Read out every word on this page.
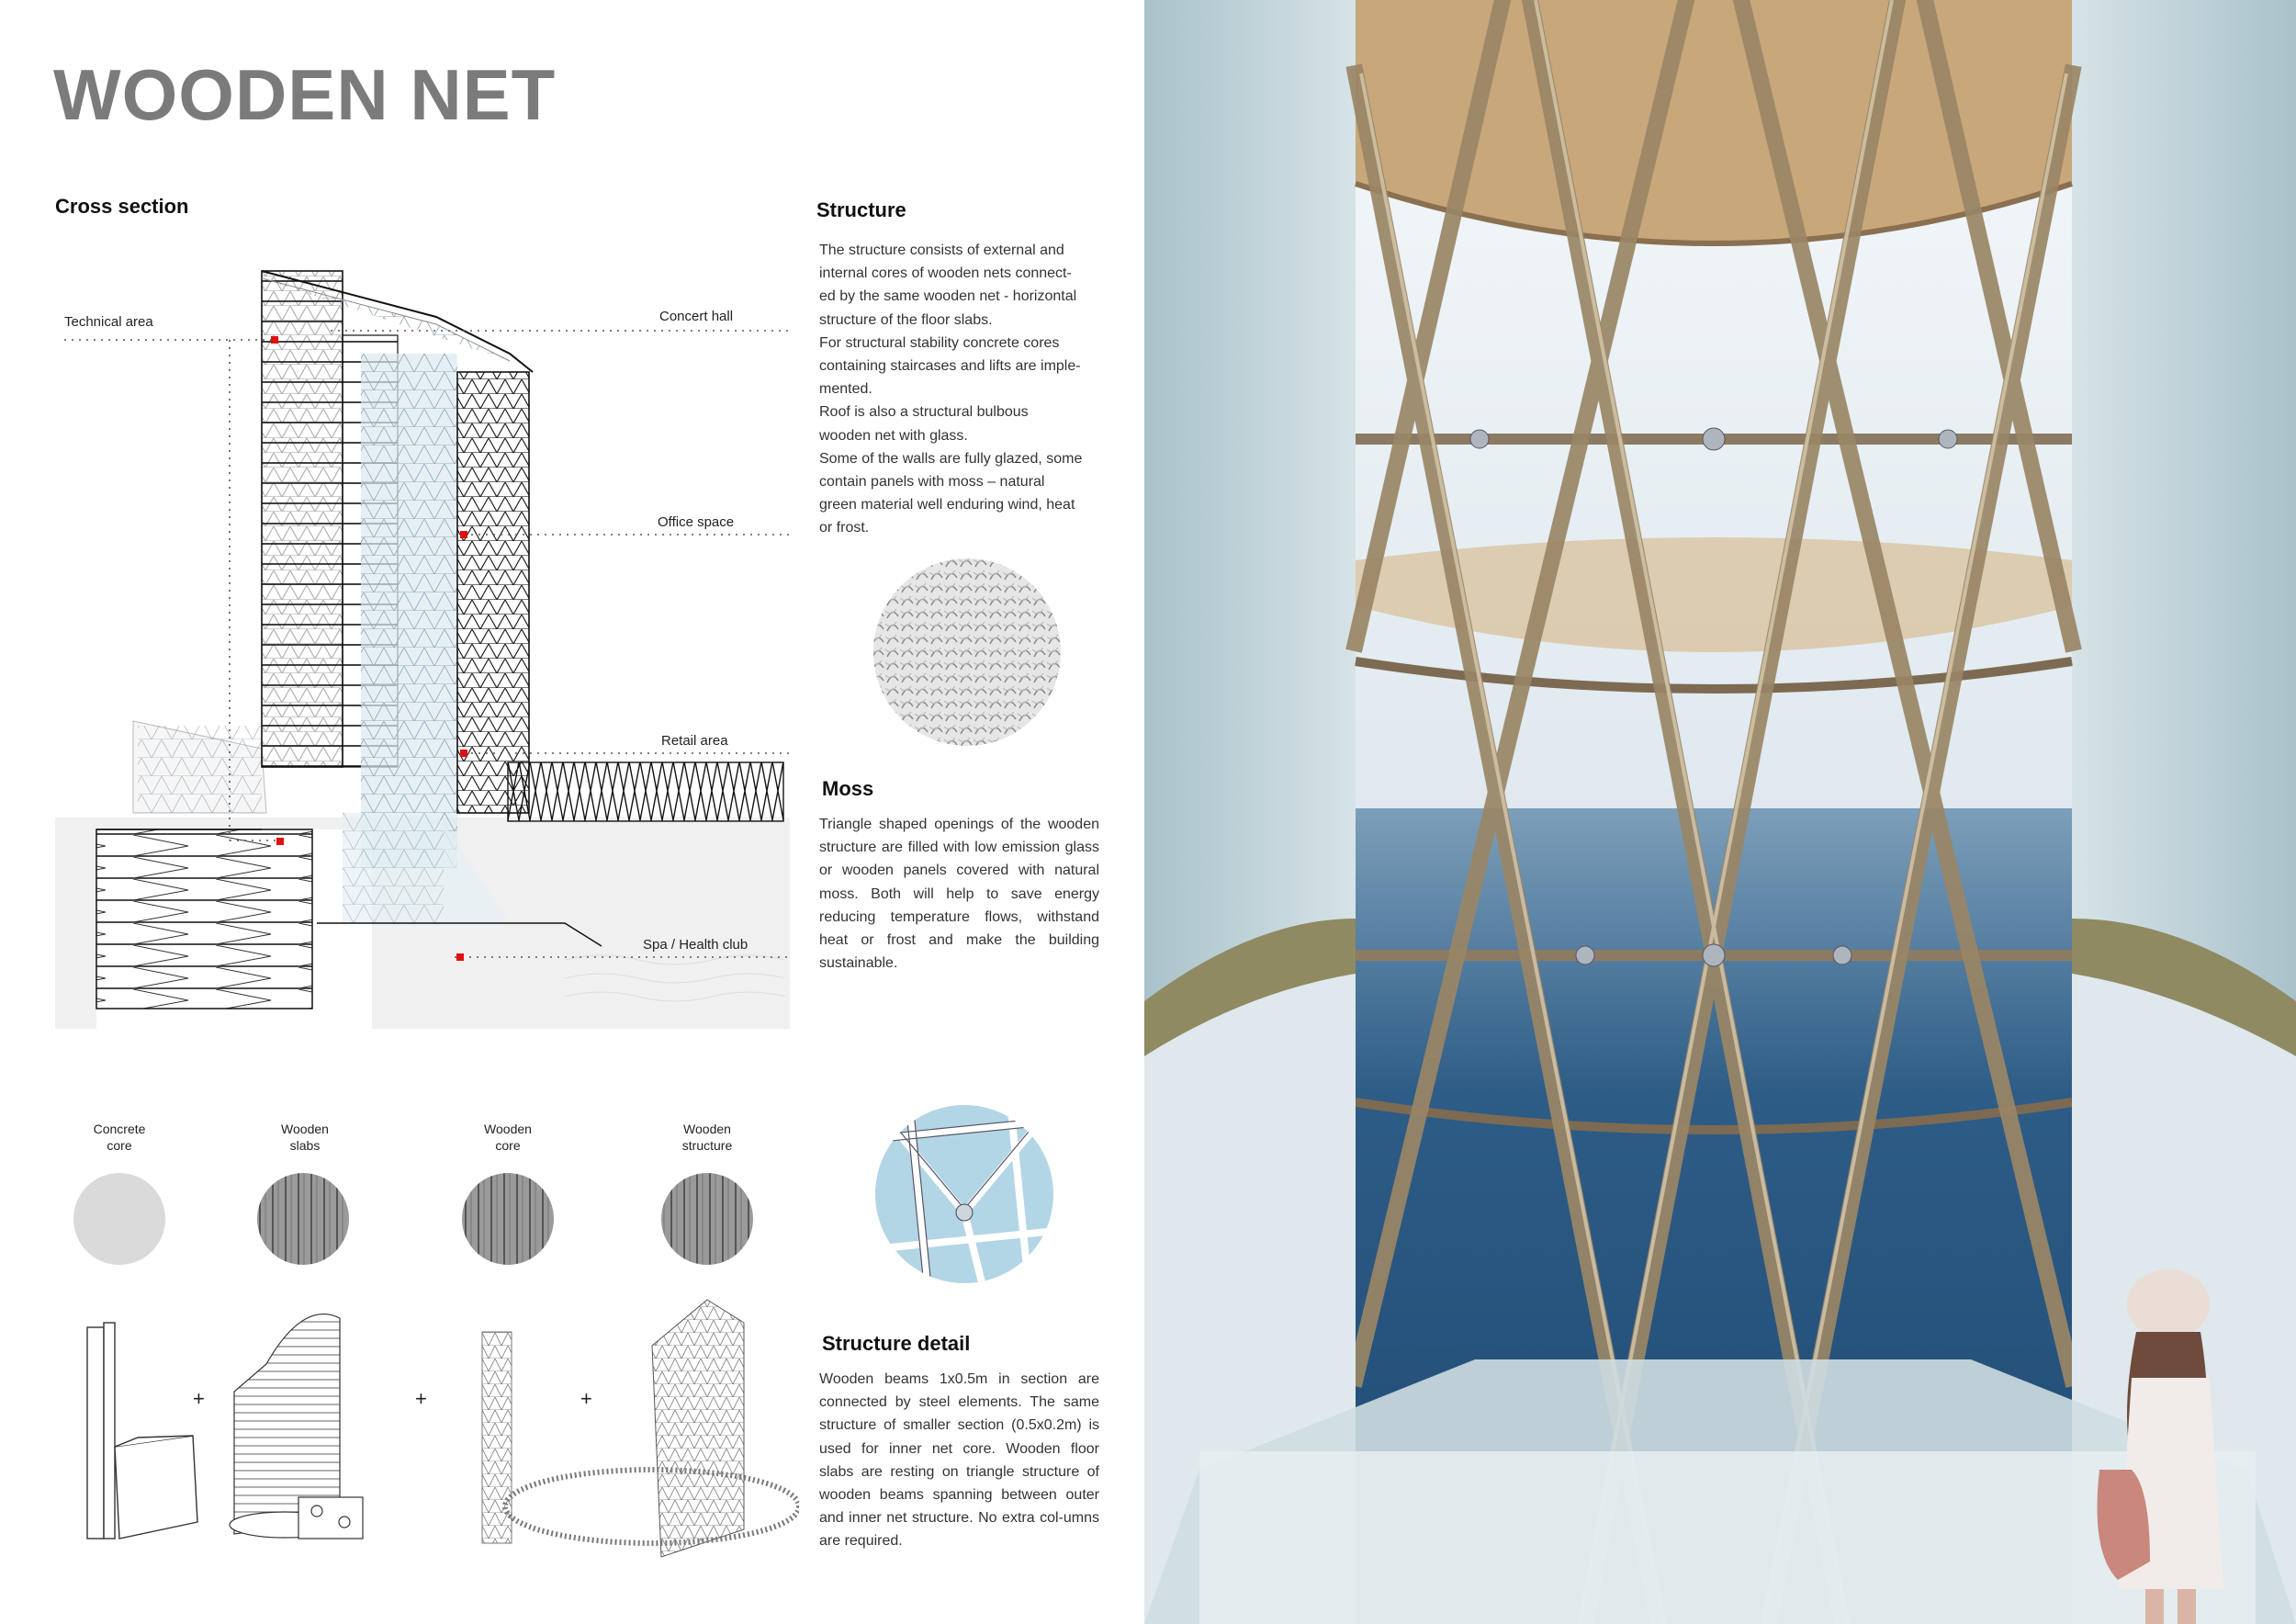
WOODEN NET
Cross section
Technical area	Concert hall
Office space
Retail area
Spa / Health club
Structure
The structure consists of external and
internal cores of wooden nets connect-
ed by the same wooden net - horizontal
structure of the floor slabs.
For structural stability concrete cores
containing staircases and lifts are imple-
mented.
Roof is also a structural bulbous
wooden net with glass.
Some of the walls are fully glazed, some
contain panels with moss – natural
green material well enduring wind, heat
or frost.
Moss

Triangle shaped openings of the wooden structure are filled with low emission glass or wooden panels covered with natural moss. Both will help to save energy reducing temperature flows, withstand heat or frost and make the building sustainable.

Concrete
core
Wooden
slabs
Wooden
core
Wooden
structure
+	+	+
Structure detail

Wooden beams 1x0.5m in section are connected by steel elements. The same structure of smaller section (0.5x0.2m) is used for inner net core. Wooden floor slabs are resting on triangle structure of wooden beams spanning between outer and inner net structure. No extra col-umns are required.
